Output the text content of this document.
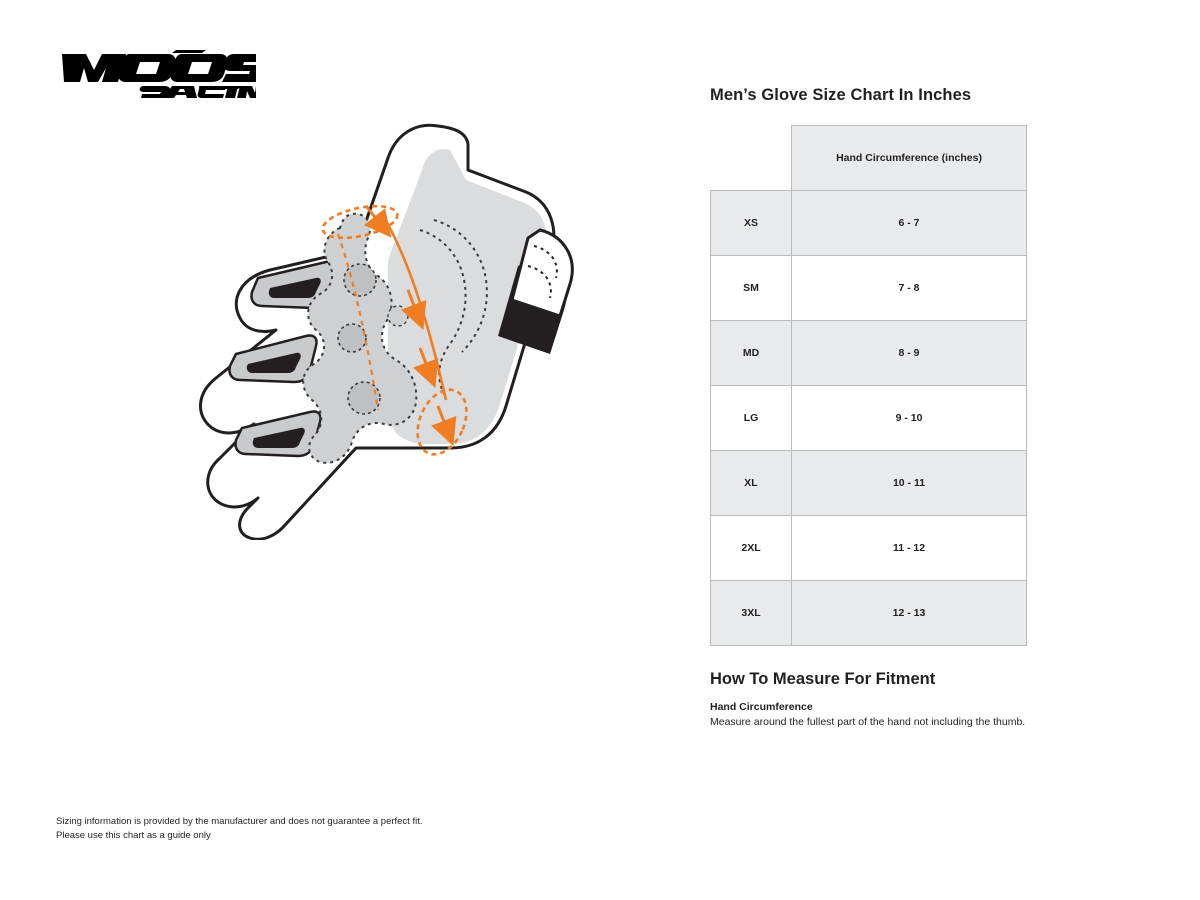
Men’s Glove Size Chart In Inches
	Hand Circumference (inches)
XS	6 - 7
SM	7 - 8
MD	8 - 9
LG	9 - 10
XL	10 - 11
2XL	11 - 12
3XL	12 - 13
How To Measure For Fitment

Hand Circumference

Measure around the fullest part of the hand not including the thumb.

Sizing information is provided by the manufacturer and does not guarantee a perfect fit.
Please use this chart as a guide only
